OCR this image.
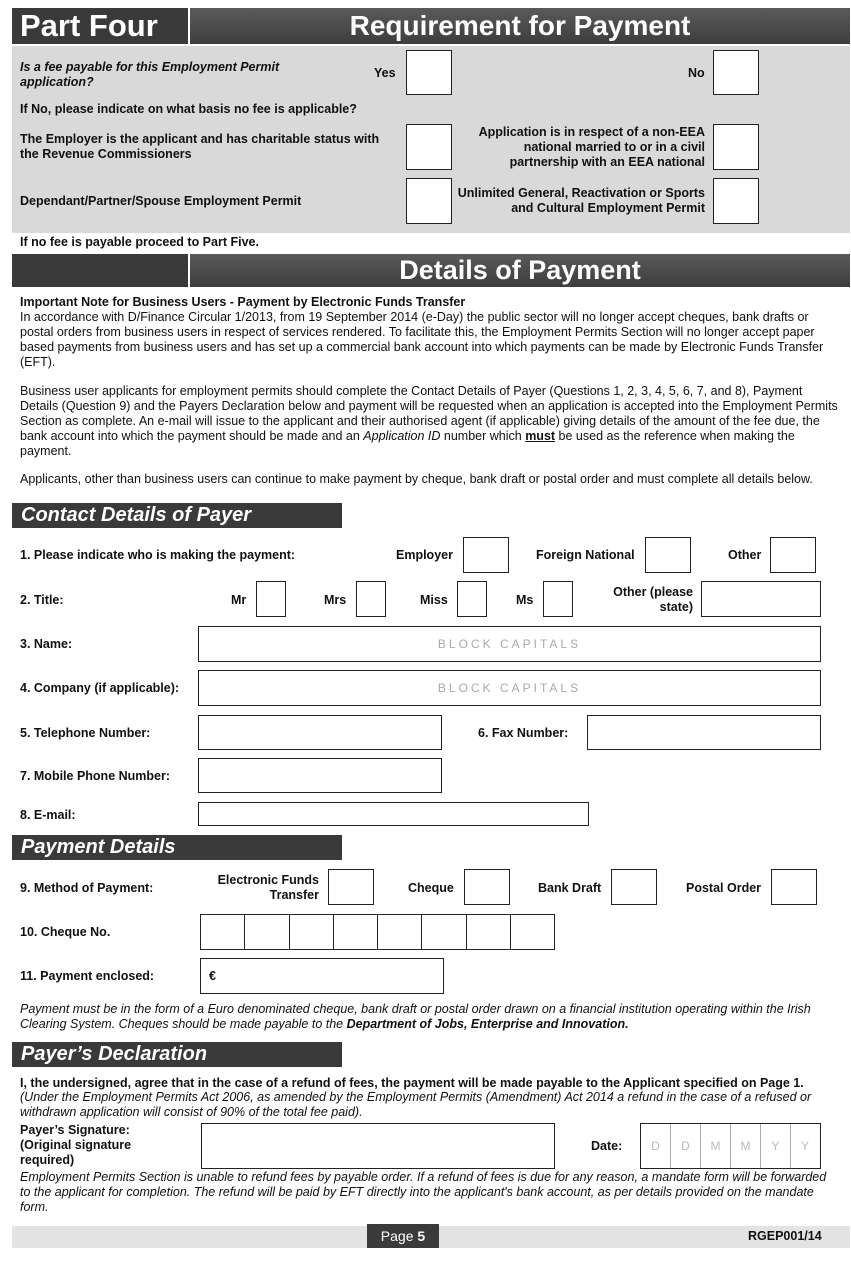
Part Four	Requirement for Payment
Is a fee payable for this Employment Permit application?
Yes	No
If No, please indicate on what basis no fee is applicable?
The Employer is the applicant and has charitable status with the Revenue Commissioners
Application is in respect of a non-EEA national married to or in a civil partnership with an EEA national
Dependant/Partner/Spouse Employment Permit
Unlimited General, Reactivation or Sports and Cultural Employment Permit
If no fee is payable proceed to Part Five.
Details of Payment
Important Note for Business Users - Payment by Electronic Funds Transfer
In accordance with D/Finance Circular 1/2013, from 19 September 2014 (e-Day) the public sector will no longer accept cheques, bank drafts or postal orders from business users in respect of services rendered. To facilitate this, the Employment Permits Section will no longer accept paper based payments from business users and has set up a commercial bank account into which payments can be made by Electronic Funds Transfer (EFT).
Business user applicants for employment permits should complete the Contact Details of Payer (Questions 1, 2, 3, 4, 5, 6, 7, and 8), Payment Details (Question 9) and the Payers Declaration below and payment will be requested when an application is accepted into the Employment Permits Section as complete. An e-mail will issue to the applicant and their authorised agent (if applicable) giving details of the amount of the fee due, the bank account into which the payment should be made and an Application ID number which must be used as the reference when making the payment.
Applicants, other than business users can continue to make payment by cheque, bank draft or postal order and must complete all details below.
Contact Details of Payer
1. Please indicate who is making the payment:	Employer	Foreign National	Other
2. Title:	Mr	Mrs	Miss	Ms
Other (please state)
3. Name:	BLOCK CAPITALS
4. Company (if applicable):	BLOCK CAPITALS
5. Telephone Number:	6. Fax Number:
7. Mobile Phone Number:
8. E-mail:
Payment Details
9. Method of Payment:
Electronic Funds Transfer	Cheque	Bank Draft	Postal Order
10. Cheque No.
11. Payment enclosed:	€
Payment must be in the form of a Euro denominated cheque, bank draft or postal order drawn on a financial institution operating within the Irish Clearing System. Cheques should be made payable to the Department of Jobs, Enterprise and Innovation.
Payer’s Declaration
I, the undersigned, agree that in the case of a refund of fees, the payment will be made payable to the Applicant specified on Page 1.
(Under the Employment Permits Act 2006, as amended by the Employment Permits (Amendment) Act 2014 a refund in the case of a refused or withdrawn application will consist of 90% of the total fee paid).
Payer’s Signature: (Original signature required)
Date:	D	D	M	M	Y	Y
Employment Permits Section is unable to refund fees by payable order. If a refund of fees is due for any reason, a mandate form will be forwarded to the applicant for completion. The refund will be paid by EFT directly into the applicant's bank account, as per details provided on the mandate form.
Page 5	RGEP001/14
